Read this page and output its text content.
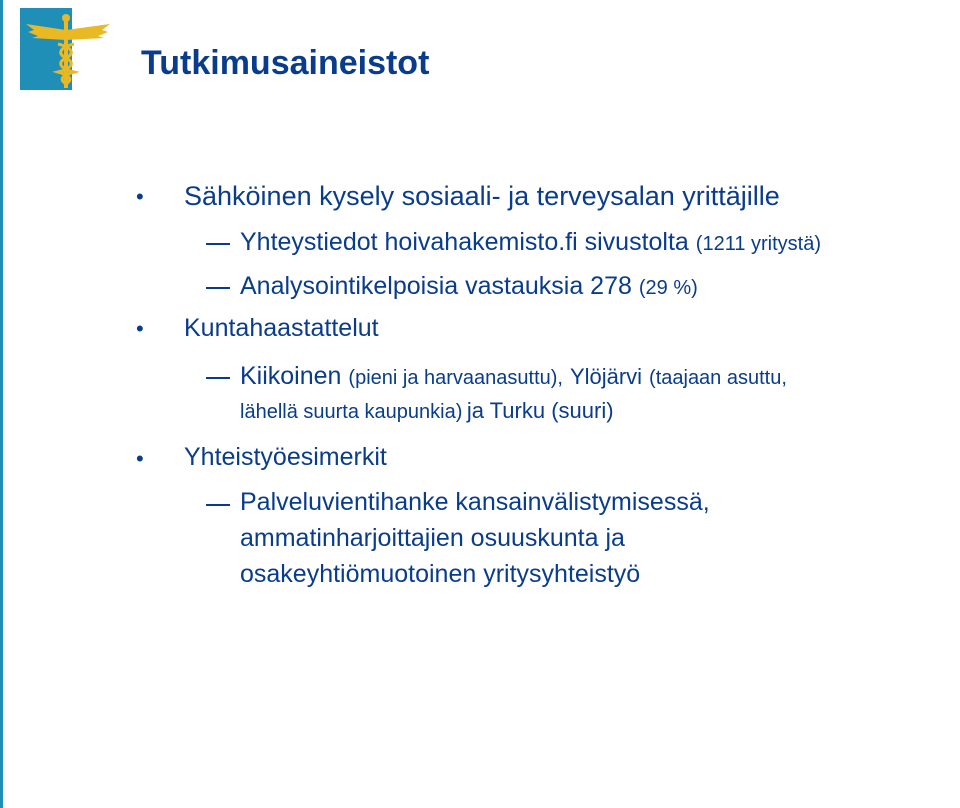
Tutkimusaineistot
• Sähköinen kysely sosiaali- ja terveysalan yrittäjille
Yhteystiedot hoivahakemisto.fi sivustolta (1211 yritystä)
Analysointikelpoisia vastauksia 278 (29 %)
• Kuntahaastattelut
Kiikoinen (pieni ja harvaanasuttu), Ylöjärvi (taajaan asuttu,
lähellä suurta kaupunkia) ja Turku (suuri)
• Yhteistyöesimerkit
Palveluvientihanke kansainvälistymisessä,
ammatinharjoittajien osuuskunta ja
osakeyhtiömuotoinen yritysyhteistyö
